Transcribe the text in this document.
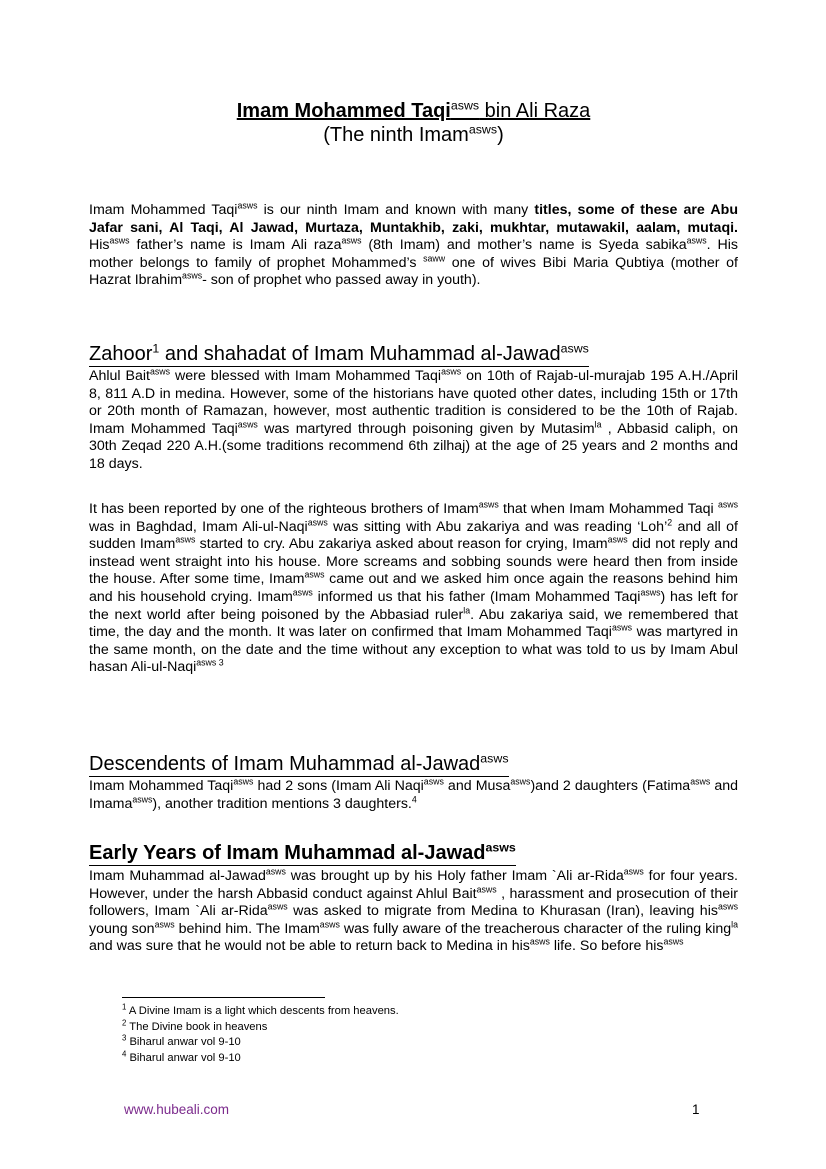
Imam Mohammed Taqi$^{asws}$ bin Ali Raza
(The ninth Imam$^{asws}$)

Imam Mohammed Taqi$^{asws}$ is our ninth Imam and known with many titles, some of these are Abu Jafar sani, Al Taqi, Al Jawad, Murtaza, Muntakhib, zaki, mukhtar, mutawakil, aalam, mutaqi. His$^{asws}$ father’s name is Imam Ali raza$^{asws}$ (8th Imam) and mother’s name is Syeda sabika$^{asws}$. His mother belongs to family of prophet Mohammed’s $^{saww}$ one of wives Bibi Maria Qubtiya (mother of Hazrat Ibrahim$^{asws}$- son of prophet who passed away in youth).

Zahoor$^1$ and shahadat of Imam Muhammad al-Jawad$^{asws}$

Ahlul Bait$^{asws}$ were blessed with Imam Mohammed Taqi$^{asws}$ on 10th of Rajab-ul-murajab 195 A.H./April 8, 811 A.D in medina. However, some of the historians have quoted other dates, including 15th or 17th or 20th month of Ramazan, however, most authentic tradition is considered to be the 10th of Rajab. Imam Mohammed Taqi$^{asws}$ was martyred through poisoning given by Mutasim$^{la}$ , Abbasid caliph, on 30th Zeqad 220 A.H.(some traditions recommend 6th zilhaj) at the age of 25 years and 2 months and 18 days.

It has been reported by one of the righteous brothers of Imam$^{asws}$ that when Imam Mohammed Taqi $^{asws}$ was in Baghdad, Imam Ali-ul-Naqi$^{asws}$ was sitting with Abu zakariya and was reading ‘Loh’$^2$ and all of sudden Imam$^{asws}$ started to cry. Abu zakariya asked about reason for crying, Imam$^{asws}$ did not reply and instead went straight into his house. More screams and sobbing sounds were heard then from inside the house. After some time, Imam$^{asws}$ came out and we asked him once again the reasons behind him and his household crying. Imam$^{asws}$ informed us that his father (Imam Mohammed Taqi$^{asws}$) has left for the next world after being poisoned by the Abbasiad ruler$^{la}$. Abu zakariya said, we remembered that time, the day and the month. It was later on confirmed that Imam Mohammed Taqi$^{asws}$ was martyred in the same month, on the date and the time without any exception to what was told to us by Imam Abul hasan Ali-ul-Naqi$^{asws 3}$

Descendents of Imam Muhammad al-Jawad$^{asws}$

Imam Mohammed Taqi$^{asws}$ had 2 sons (Imam Ali Naqi$^{asws}$ and Musa$^{asws}$)and 2 daughters (Fatima$^{asws}$ and Imama$^{asws}$), another tradition mentions 3 daughters.$^4$

Early Years of Imam Muhammad al-Jawad$^{asws}$

Imam Muhammad al-Jawad$^{asws}$ was brought up by his Holy father Imam `Ali ar-Rida$^{asws}$ for four years. However, under the harsh Abbasid conduct against Ahlul Bait$^{asws}$ , harassment and prosecution of their followers, Imam `Ali ar-Rida$^{asws}$ was asked to migrate from Medina to Khurasan (Iran), leaving his$^{asws}$ young son$^{asws}$ behind him. The Imam$^{asws}$ was fully aware of the treacherous character of the ruling king$^{la}$ and was sure that he would not be able to return back to Medina in his$^{asws}$ life. So before his$^{asws}$

$^1$ A Divine Imam is a light which descents from heavens.
$^2$ The Divine book in heavens
$^3$ Biharul anwar vol 9-10
$^4$ Biharul anwar vol 9-10
www.hubeali.com	1
